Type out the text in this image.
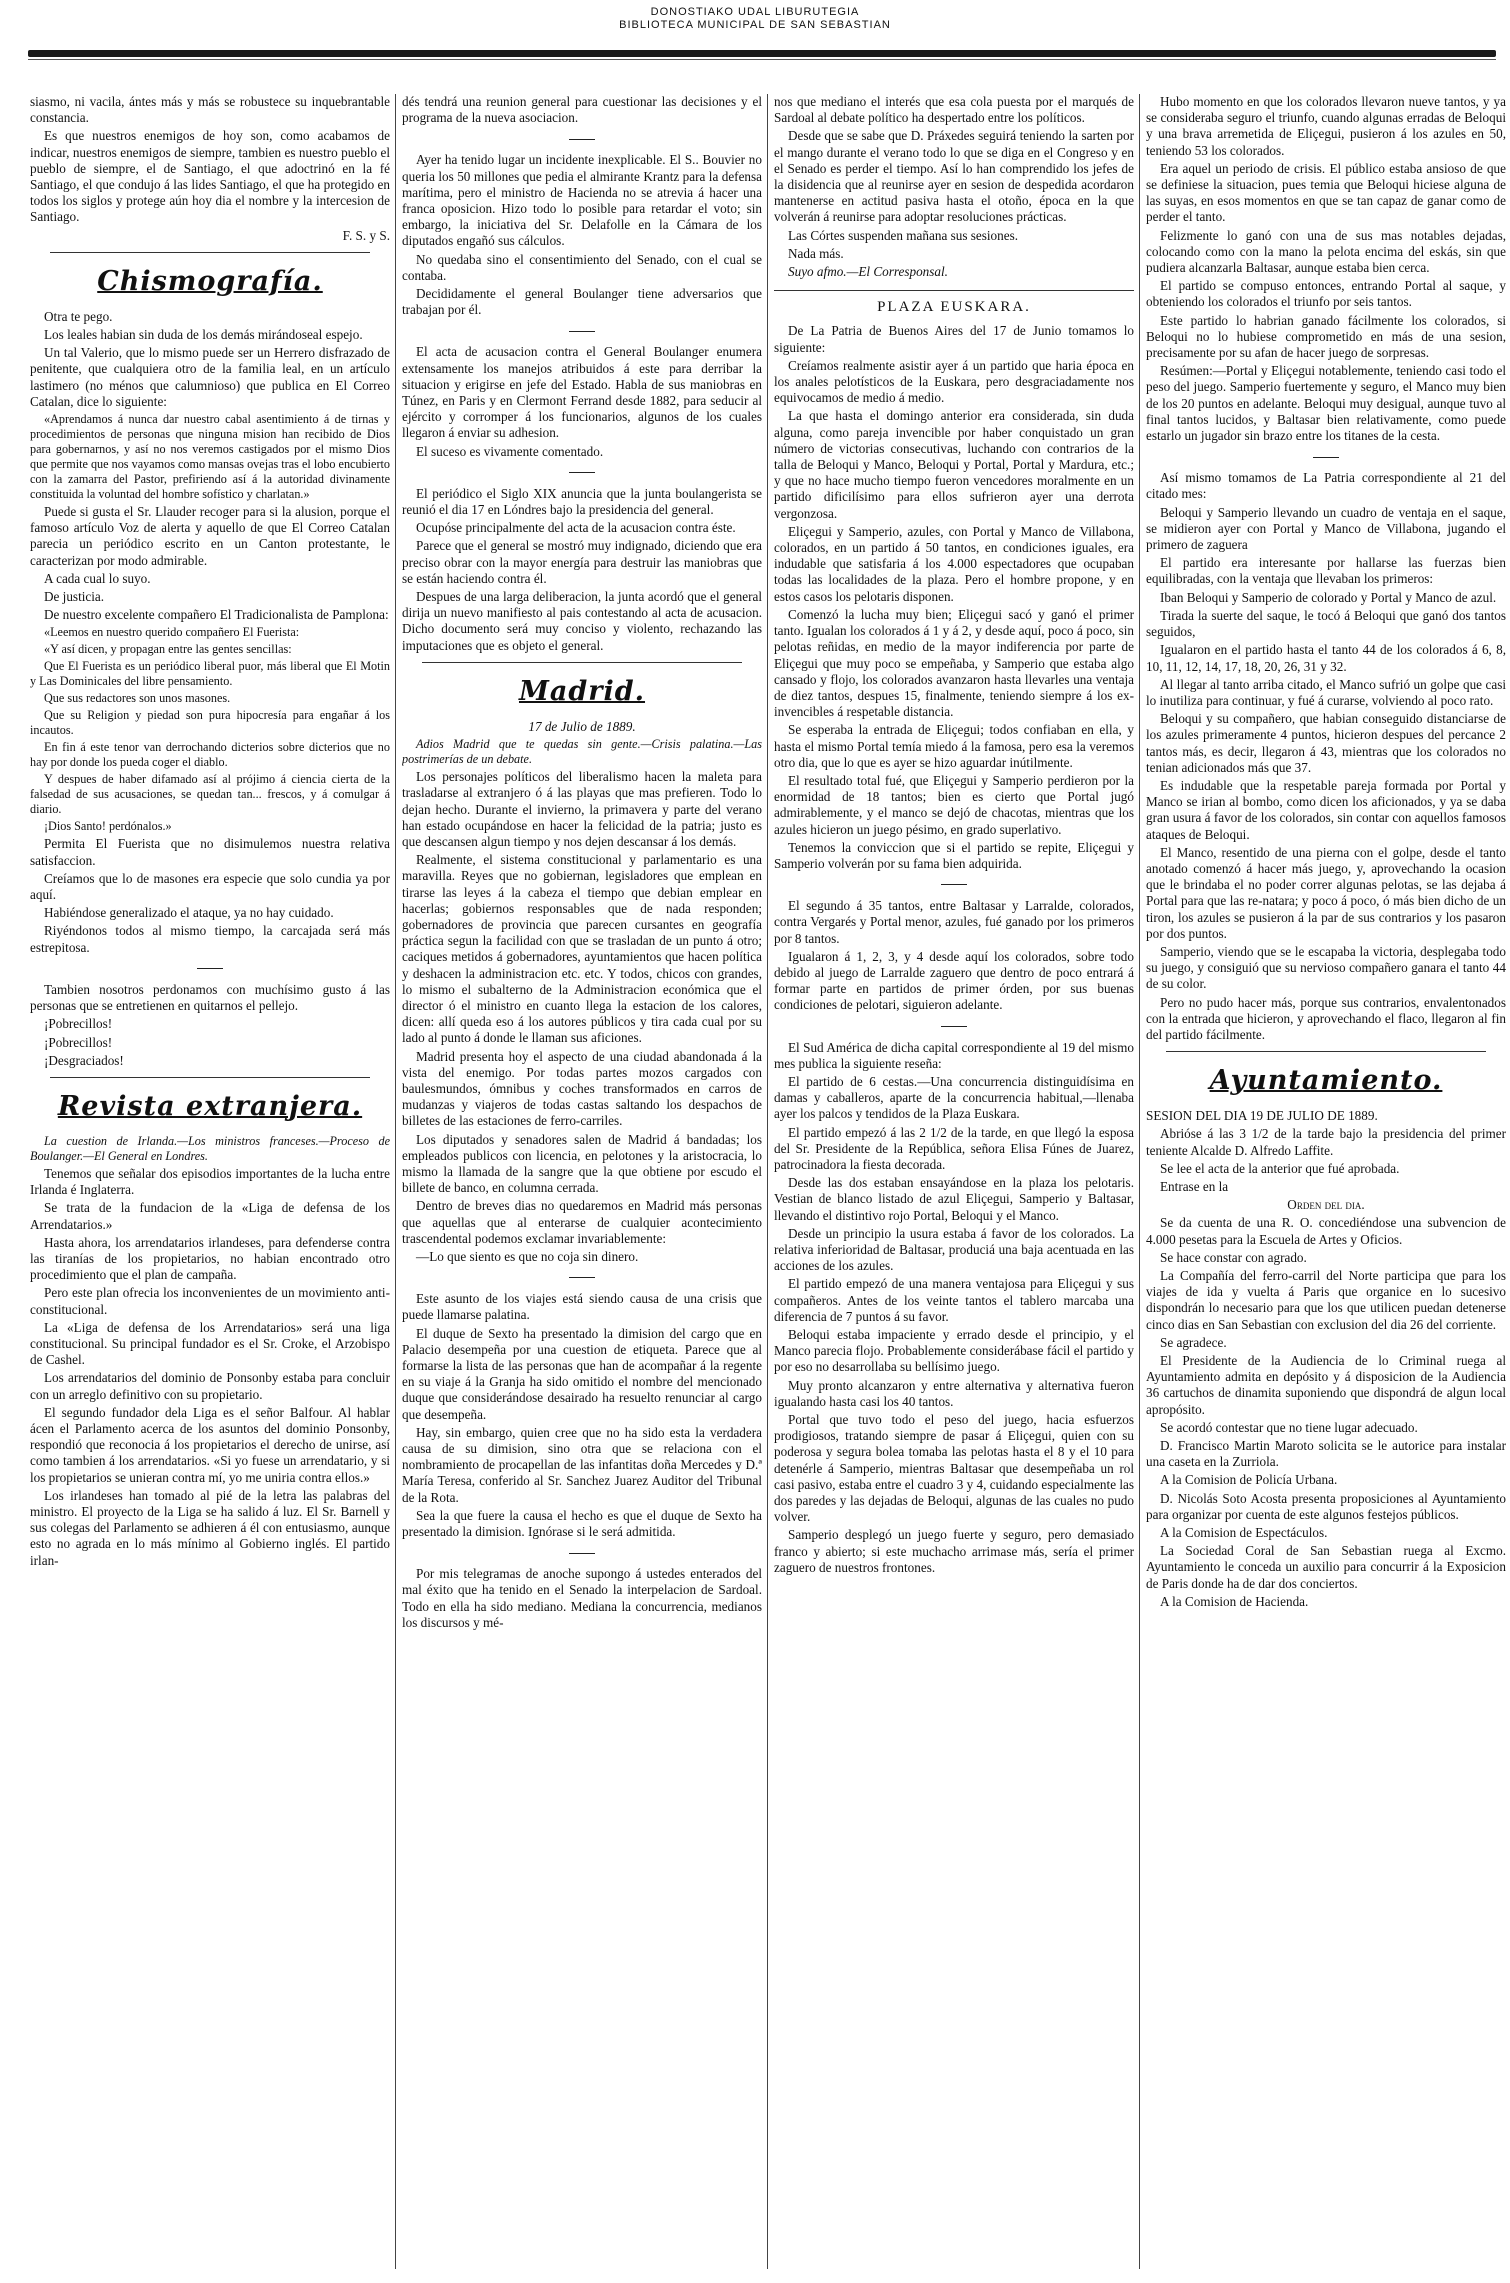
DONOSTIAKO UDAL LIBURUTEGIA
BIBLIOTECA MUNICIPAL DE SAN SEBASTIAN

siasmo, ni vacila, ántes más y más se robustece su inquebrantable constancia.

Es que nuestros enemigos de hoy son, como acabamos de indicar, nuestros enemigos de siempre, tambien es nuestro pueblo el pueblo de siempre, el de Santiago, el que adoctrinó en la fé Santiago, el que condujo á las lides Santiago, el que ha protegido en todos los siglos y protege aún hoy dia el nombre y la intercesion de Santiago.

F. S. y S.

Chismografía.

Otra te pego.

Los leales habian sin duda de los demás mirándoseal espejo.

Un tal Valerio, que lo mismo puede ser un Herrero disfrazado de penitente, que cualquiera otro de la familia leal, en un artículo lastimero (no ménos que calumnioso) que publica en El Correo Catalan, dice lo siguiente:

«Aprendamos á nunca dar nuestro cabal asentimiento á de tirnas y procedimientos de personas que ninguna mision han recibido de Dios para gobernarnos, y así no nos veremos castigados por el mismo Dios que permite que nos vayamos como mansas ovejas tras el lobo encubierto con la zamarra del Pastor, prefiriendo así á la autoridad divinamente constituida la voluntad del hombre sofístico y charlatan.»

Puede si gusta el Sr. Llauder recoger para si la alusion, porque el famoso artículo Voz de alerta y aquello de que El Correo Catalan parecia un periódico escrito en un Canton protestante, le caracterizan por modo admirable.

A cada cual lo suyo.

De justicia.

De nuestro excelente compañero El Tradicionalista de Pamplona:

«Leemos en nuestro querido compañero El Fuerista:

«Y así dicen, y propagan entre las gentes sencillas:

Que El Fuerista es un periódico liberal puor, más liberal que El Motin y Las Dominicales del libre pensamiento.

Que sus redactores son unos masones.

Que su Religion y piedad son pura hipocresía para engañar á los incautos.

En fin á este tenor van derrochando dicterios sobre dicterios que no hay por donde los pueda coger el diablo.

Y despues de haber difamado así al prójimo á ciencia cierta de la falsedad de sus acusaciones, se quedan tan... frescos, y á comulgar á diario.

¡Dios Santo! perdónalos.»

Permita El Fuerista que no disimulemos nuestra relativa satisfaccion.

Creíamos que lo de masones era especie que solo cundia ya por aquí.

Habiéndose generalizado el ataque, ya no hay cuidado.

Riyéndonos todos al mismo tiempo, la carcajada será más estrepitosa.

Tambien nosotros perdonamos con muchísimo gusto á las personas que se entretienen en quitarnos el pellejo.

¡Pobrecillos!

¡Pobrecillos!

¡Desgraciados!

Revista extranjera.

La cuestion de Irlanda.—Los ministros franceses.—Proceso de Boulanger.—El General en Londres.

Tenemos que señalar dos episodios importantes de la lucha entre Irlanda é Inglaterra.

Se trata de la fundacion de la «Liga de defensa de los Arrendatarios.»

Hasta ahora, los arrendatarios irlandeses, para defenderse contra las tiranías de los propietarios, no habian encontrado otro procedimiento que el plan de campaña.

Pero este plan ofrecia los inconvenientes de un movimiento anti-constitucional.

La «Liga de defensa de los Arrendatarios» será una liga constitucional. Su principal fundador es el Sr. Croke, el Arzobispo de Cashel.

Los arrendatarios del dominio de Ponsonby estaba para concluir con un arreglo definitivo con su propietario.

El segundo fundador dela Liga es el señor Balfour. Al hablar ácen el Parlamento acerca de los asuntos del dominio Ponsonby, respondió que reconocia á los propietarios el derecho de unirse, así como tambien á los arrendatarios. «Si yo fuese un arrendatario, y si los propietarios se unieran contra mí, yo me uniria contra ellos.»

Los irlandeses han tomado al pié de la letra las palabras del ministro. El proyecto de la Liga se ha salido á luz. El Sr. Barnell y sus colegas del Parlamento se adhieren á él con entusiasmo, aunque esto no agrada en lo más mínimo al Gobierno inglés. El partido irlan-

dés tendrá una reunion general para cuestionar las decisiones y el programa de la nueva asociacion.

Ayer ha tenido lugar un incidente inexplicable. El S.. Bouvier no queria los 50 millones que pedia el almirante Krantz para la defensa marítima, pero el ministro de Hacienda no se atrevia á hacer una franca oposicion. Hizo todo lo posible para retardar el voto; sin embargo, la iniciativa del Sr. Delafolle en la Cámara de los diputados engañó sus cálculos.

No quedaba sino el consentimiento del Senado, con el cual se contaba.

Decididamente el general Boulanger tiene adversarios que trabajan por él.

El acta de acusacion contra el General Boulanger enumera extensamente los manejos atribuidos á este para derribar la situacion y erigirse en jefe del Estado. Habla de sus maniobras en Túnez, en Paris y en Clermont Ferrand desde 1882, para seducir al ejército y corromper á los funcionarios, algunos de los cuales llegaron á enviar su adhesion.

El suceso es vivamente comentado.

El periódico el Siglo XIX anuncia que la junta boulangerista se reunió el dia 17 en Lóndres bajo la presidencia del general.

Ocupóse principalmente del acta de la acusacion contra éste.

Parece que el general se mostró muy indignado, diciendo que era preciso obrar con la mayor energía para destruir las maniobras que se están haciendo contra él.

Despues de una larga deliberacion, la junta acordó que el general dirija un nuevo manifiesto al pais contestando al acta de acusacion. Dicho documento será muy conciso y violento, rechazando las imputaciones que es objeto el general.

Madrid.

17 de Julio de 1889.

Adios Madrid que te quedas sin gente.—Crisis palatina.—Las postrimerías de un debate.

Los personajes políticos del liberalismo hacen la maleta para trasladarse al extranjero ó á las playas que mas prefieren. Todo lo dejan hecho. Durante el invierno, la primavera y parte del verano han estado ocupándose en hacer la felicidad de la patria; justo es que descansen algun tiempo y nos dejen descansar á los demás.

Realmente, el sistema constitucional y parlamentario es una maravilla. Reyes que no gobiernan, legisladores que emplean en tirarse las leyes á la cabeza el tiempo que debian emplear en hacerlas; gobiernos responsables que de nada responden; gobernadores de provincia que parecen cursantes en geografía práctica segun la facilidad con que se trasladan de un punto á otro; caciques metidos á gobernadores, ayuntamientos que hacen política y deshacen la administracion etc. etc. Y todos, chicos con grandes, lo mismo el subalterno de la Administracion económica que el director ó el ministro en cuanto llega la estacion de los calores, dicen: allí queda eso á los autores públicos y tira cada cual por su lado al punto á donde le llaman sus aficiones.

Madrid presenta hoy el aspecto de una ciudad abandonada á la vista del enemigo. Por todas partes mozos cargados con baulesmundos, ómnibus y coches transformados en carros de mudanzas y viajeros de todas castas saltando los despachos de billetes de las estaciones de ferro-carriles.

Los diputados y senadores salen de Madrid á bandadas; los empleados publicos con licencia, en pelotones y la aristocracia, lo mismo la llamada de la sangre que la que obtiene por escudo el billete de banco, en columna cerrada.

Dentro de breves dias no quedaremos en Madrid más personas que aquellas que al enterarse de cualquier acontecimiento trascendental podemos exclamar invariablemente:

—Lo que siento es que no coja sin dinero.

Este asunto de los viajes está siendo causa de una crisis que puede llamarse palatina.

El duque de Sexto ha presentado la dimision del cargo que en Palacio desempeña por una cuestion de etiqueta. Parece que al formarse la lista de las personas que han de acompañar á la regente en su viaje á la Granja ha sido omitido el nombre del mencionado duque que considerándose desairado ha resuelto renunciar al cargo que desempeña.

Hay, sin embargo, quien cree que no ha sido esta la verdadera causa de su dimision, sino otra que se relaciona con el nombramiento de procapellan de las infantitas doña Mercedes y D.ª María Teresa, conferido al Sr. Sanchez Juarez Auditor del Tribunal de la Rota.

Sea la que fuere la causa el hecho es que el duque de Sexto ha presentado la dimision. Ignórase si le será admitida.

Por mis telegramas de anoche supongo á ustedes enterados del mal éxito que ha tenido en el Senado la interpelacion de Sardoal. Todo en ella ha sido mediano. Mediana la concurrencia, medianos los discursos y mé-

nos que mediano el interés que esa cola puesta por el marqués de Sardoal al debate político ha despertado entre los políticos.

Desde que se sabe que D. Práxedes seguirá teniendo la sarten por el mango durante el verano todo lo que se diga en el Congreso y en el Senado es perder el tiempo. Así lo han comprendido los jefes de la disidencia que al reunirse ayer en sesion de despedida acordaron mantenerse en actitud pasiva hasta el otoño, época en la que volverán á reunirse para adoptar resoluciones prácticas.

Las Córtes suspenden mañana sus sesiones.

Nada más.

Suyo afmo.—El Corresponsal.

PLAZA EUSKARA.

De La Patria de Buenos Aires del 17 de Junio tomamos lo siguiente:

Creíamos realmente asistir ayer á un partido que haria época en los anales pelotísticos de la Euskara, pero desgraciadamente nos equivocamos de medio á medio.

La que hasta el domingo anterior era considerada, sin duda alguna, como pareja invencible por haber conquistado un gran número de victorias consecutivas, luchando con contrarios de la talla de Beloqui y Manco, Beloqui y Portal, Portal y Mardura, etc.; y que no hace mucho tiempo fueron vencedores moralmente en un partido dificilísimo para ellos sufrieron ayer una derrota vergonzosa.

Eliçegui y Samperio, azules, con Portal y Manco de Villabona, colorados, en un partido á 50 tantos, en condiciones iguales, era indudable que satisfaria á los 4.000 espectadores que ocupaban todas las localidades de la plaza. Pero el hombre propone, y en estos casos los pelotaris disponen.

Comenzó la lucha muy bien; Eliçegui sacó y ganó el primer tanto. Igualan los colorados á 1 y á 2, y desde aquí, poco á poco, sin pelotas reñidas, en medio de la mayor indiferencia por parte de Eliçegui que muy poco se empeñaba, y Samperio que estaba algo cansado y flojo, los colorados avanzaron hasta llevarles una ventaja de diez tantos, despues 15, finalmente, teniendo siempre á los ex-invencibles á respetable distancia.

Se esperaba la entrada de Eliçegui; todos confiaban en ella, y hasta el mismo Portal temía miedo á la famosa, pero esa la veremos otro dia, que lo que es ayer se hizo aguardar inútilmente.

El resultado total fué, que Eliçegui y Samperio perdieron por la enormidad de 18 tantos; bien es cierto que Portal jugó admirablemente, y el manco se dejó de chacotas, mientras que los azules hicieron un juego pésimo, en grado superlativo.

Tenemos la conviccion que si el partido se repite, Eliçegui y Samperio volverán por su fama bien adquirida.

El segundo á 35 tantos, entre Baltasar y Larralde, colorados, contra Vergarés y Portal menor, azules, fué ganado por los primeros por 8 tantos.

Igualaron á 1, 2, 3, y 4 desde aquí los colorados, sobre todo debido al juego de Larralde zaguero que dentro de poco entrará á formar parte en partidos de primer órden, por sus buenas condiciones de pelotari, siguieron adelante.

El Sud América de dicha capital correspondiente al 19 del mismo mes publica la siguiente reseña:

El partido de 6 cestas.—Una concurrencia distinguidísima en damas y caballeros, aparte de la concurrencia habitual,—llenaba ayer los palcos y tendidos de la Plaza Euskara.

El partido empezó á las 2 1/2 de la tarde, en que llegó la esposa del Sr. Presidente de la República, señora Elisa Fúnes de Juarez, patrocinadora la fiesta decorada.

Desde las dos estaban ensayándose en la plaza los pelotaris. Vestian de blanco listado de azul Eliçegui, Samperio y Baltasar, llevando el distintivo rojo Portal, Beloqui y el Manco.

Desde un principio la usura estaba á favor de los colorados. La relativa inferioridad de Baltasar, produciá una baja acentuada en las acciones de los azules.

El partido empezó de una manera ventajosa para Eliçegui y sus compañeros. Antes de los veinte tantos el tablero marcaba una diferencia de 7 puntos á su favor.

Beloqui estaba impaciente y errado desde el principio, y el Manco parecia flojo. Probablemente considerábase fácil el partido y por eso no desarrollaba su bellísimo juego.

Muy pronto alcanzaron y entre alternativa y alternativa fueron igualando hasta casi los 40 tantos.

Portal que tuvo todo el peso del juego, hacia esfuerzos prodigiosos, tratando siempre de pasar á Eliçegui, quien con su poderosa y segura bolea tomaba las pelotas hasta el 8 y el 10 para detenérle á Samperio, mientras Baltasar que desempeñaba un rol casi pasivo, estaba entre el cuadro 3 y 4, cuidando especialmente las dos paredes y las dejadas de Beloqui, algunas de las cuales no pudo volver.

Samperio desplegó un juego fuerte y seguro, pero demasiado franco y abierto; si este muchacho arrimase más, sería el primer zaguero de nuestros frontones.

Hubo momento en que los colorados llevaron nueve tantos, y ya se consideraba seguro el triunfo, cuando algunas erradas de Beloqui y una brava arremetida de Eliçegui, pusieron á los azules en 50, teniendo 53 los colorados.

Era aquel un periodo de crisis. El público estaba ansioso de que se definiese la situacion, pues temia que Beloqui hiciese alguna de las suyas, en esos momentos en que se tan capaz de ganar como de perder el tanto.

Felizmente lo ganó con una de sus mas notables dejadas, colocando como con la mano la pelota encima del eskás, sin que pudiera alcanzarla Baltasar, aunque estaba bien cerca.

El partido se compuso entonces, entrando Portal al saque, y obteniendo los colorados el triunfo por seis tantos.

Este partido lo habrian ganado fácilmente los colorados, si Beloqui no lo hubiese comprometido en más de una sesion, precisamente por su afan de hacer juego de sorpresas.

Resúmen:—Portal y Eliçegui notablemente, teniendo casi todo el peso del juego. Samperio fuertemente y seguro, el Manco muy bien de los 20 puntos en adelante. Beloqui muy desigual, aunque tuvo al final tantos lucidos, y Baltasar bien relativamente, como puede estarlo un jugador sin brazo entre los titanes de la cesta.

Así mismo tomamos de La Patria correspondiente al 21 del citado mes:

Beloqui y Samperio llevando un cuadro de ventaja en el saque, se midieron ayer con Portal y Manco de Villabona, jugando el primero de zaguera

El partido era interesante por hallarse las fuerzas bien equilibradas, con la ventaja que llevaban los primeros:

Iban Beloqui y Samperio de colorado y Portal y Manco de azul.

Tirada la suerte del saque, le tocó á Beloqui que ganó dos tantos seguidos,

Igualaron en el partido hasta el tanto 44 de los colorados á 6, 8, 10, 11, 12, 14, 17, 18, 20, 26, 31 y 32.

Al llegar al tanto arriba citado, el Manco sufrió un golpe que casi lo inutiliza para continuar, y fué á curarse, volviendo al poco rato.

Beloqui y su compañero, que habian conseguido distanciarse de los azules primeramente 4 puntos, hicieron despues del percance 2 tantos más, es decir, llegaron á 43, mientras que los colorados no tenian adicionados más que 37.

Es indudable que la respetable pareja formada por Portal y Manco se irian al bombo, como dicen los aficionados, y ya se daba gran usura á favor de los colorados, sin contar con aquellos famosos ataques de Beloqui.

El Manco, resentido de una pierna con el golpe, desde el tanto anotado comenzó á hacer más juego, y, aprovechando la ocasion que le brindaba el no poder correr algunas pelotas, se las dejaba á Portal para que las re-natara; y poco á poco, ó más bien dicho de un tiron, los azules se pusieron á la par de sus contrarios y los pasaron por dos puntos.

Samperio, viendo que se le escapaba la victoria, desplegaba todo su juego, y consiguió que su nervioso compañero ganara el tanto 44 de su color.

Pero no pudo hacer más, porque sus contrarios, envalentonados con la entrada que hicieron, y aprovechando el flaco, llegaron al fin del partido fácilmente.

Ayuntamiento.

SESION DEL DIA 19 DE JULIO DE 1889.

Abrióse á las 3 1/2 de la tarde bajo la presidencia del primer teniente Alcalde D. Alfredo Laffite.

Se lee el acta de la anterior que fué aprobada.

Entrase en la

Orden del dia.

Se da cuenta de una R. O. concediéndose una subvencion de 4.000 pesetas para la Escuela de Artes y Oficios.

Se hace constar con agrado.

La Compañía del ferro-carril del Norte participa que para los viajes de ida y vuelta á Paris que organice en lo sucesivo dispondrán lo necesario para que los que utilicen puedan detenerse cinco dias en San Sebastian con exclusion del dia 26 del corriente.

Se agradece.

El Presidente de la Audiencia de lo Criminal ruega al Ayuntamiento admita en depósito y á disposicion de la Audiencia 36 cartuchos de dinamita suponiendo que dispondrá de algun local apropósito.

Se acordó contestar que no tiene lugar adecuado.

D. Francisco Martin Maroto solicita se le autorice para instalar una caseta en la Zurriola.

A la Comision de Policía Urbana.

D. Nicolás Soto Acosta presenta proposiciones al Ayuntamiento para organizar por cuenta de este algunos festejos públicos.

A la Comision de Espectáculos.

La Sociedad Coral de San Sebastian ruega al Excmo. Ayuntamiento le conceda un auxilio para concurrir á la Exposicion de Paris donde ha de dar dos conciertos.

A la Comision de Hacienda.
